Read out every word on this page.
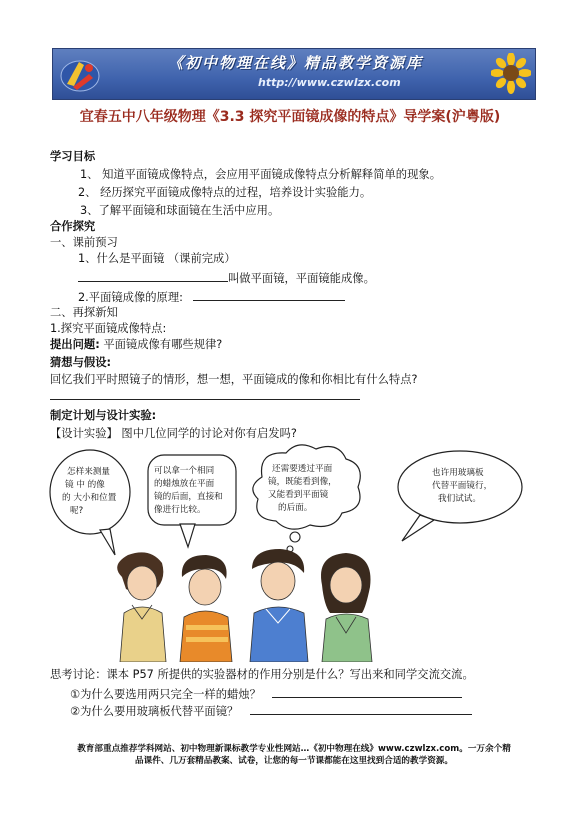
《初中物理在线》精品教学资源库
http://www.czwlzx.com
宜春五中八年级物理《3.3 探究平面镜成像的特点》导学案(沪粤版)
学习目标
1、 知道平面镜成像特点，会应用平面镜成像特点分析解释简单的现象。
2、 经历探究平面镜成像特点的过程，培养设计实验能力。
3、了解平面镜和球面镜在生活中应用。
合作探究
一、课前预习
1、什么是平面镜 （课前完成）
叫做平面镜，平面镜能成像。
2.平面镜成像的原理:
二、再探新知
1.探究平面镜成像特点:
提出问题: 平面镜成像有哪些规律?
猜想与假设:
回忆我们平时照镜子的情形，想一想，平面镜成的像和你相比有什么特点?
制定计划与设计实验:
【设计实验】 图中几位同学的讨论对你有启发吗?
怎样来测量
镜 中 的像
的 大小和位置
呢?
可以拿一个相同
的蜡烛放在平面
镜的后面，直接和
像进行比较。
还需要透过平面
镜，既能看到像，
又能看到平面镜
的后面。
也许用玻璃板
代替平面镜行，
我们试试。
思考讨论：课本 P57 所提供的实验器材的作用分别是什么？写出来和同学交流交流。
①为什么要选用两只完全一样的蜡烛？
②为什么要用玻璃板代替平面镜？
教育部重点推荐学科网站、初中物理新课标教学专业性网站…《初中物理在线》www.czwlzx.com。一万余个精
品课件、几万套精品教案、试卷，让您的每一节课都能在这里找到合适的教学资源。
